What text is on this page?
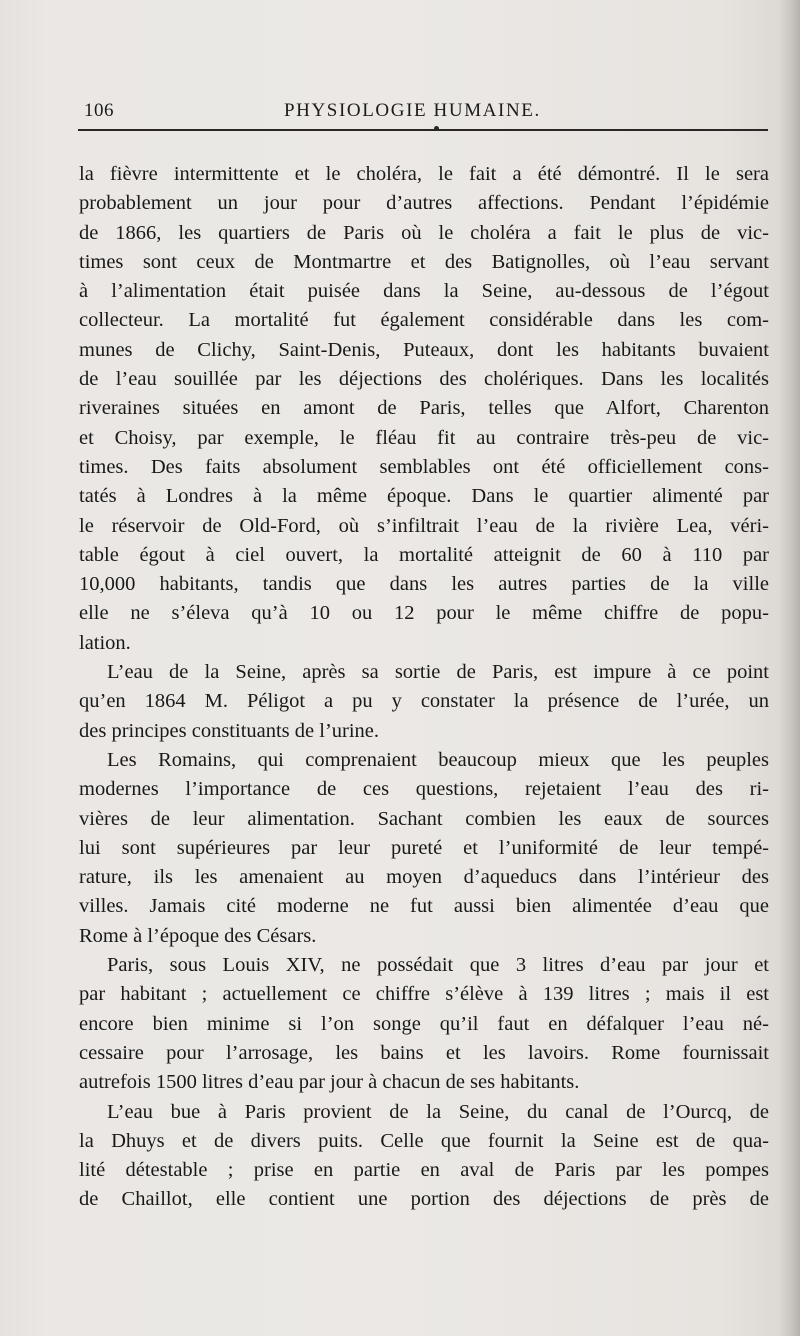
106	PHYSIOLOGIE HUMAINE.
la fièvre intermittente et le choléra, le fait a été démontré. Il le sera
probablement un jour pour d’autres affections. Pendant l’épidémie
de 1866, les quartiers de Paris où le choléra a fait le plus de vic-
times sont ceux de Montmartre et des Batignolles, où l’eau servant
à l’alimentation était puisée dans la Seine, au-dessous de l’égout
collecteur. La mortalité fut également considérable dans les com-
munes de Clichy, Saint-Denis, Puteaux, dont les habitants buvaient
de l’eau souillée par les déjections des cholériques. Dans les localités
riveraines situées en amont de Paris, telles que Alfort, Charenton
et Choisy, par exemple, le fléau fit au contraire très-peu de vic-
times. Des faits absolument semblables ont été officiellement cons-
tatés à Londres à la même époque. Dans le quartier alimenté par
le réservoir de Old-Ford, où s’infiltrait l’eau de la rivière Lea, véri-
table égout à ciel ouvert, la mortalité atteignit de 60 à 110 par
10,000 habitants, tandis que dans les autres parties de la ville
elle ne s’éleva qu’à 10 ou 12 pour le même chiffre de popu-
lation.
L’eau de la Seine, après sa sortie de Paris, est impure à ce point
qu’en 1864 M. Péligot a pu y constater la présence de l’urée, un
des principes constituants de l’urine.
Les Romains, qui comprenaient beaucoup mieux que les peuples
modernes l’importance de ces questions, rejetaient l’eau des ri-
vières de leur alimentation. Sachant combien les eaux de sources
lui sont supérieures par leur pureté et l’uniformité de leur tempé-
rature, ils les amenaient au moyen d’aqueducs dans l’intérieur des
villes. Jamais cité moderne ne fut aussi bien alimentée d’eau que
Rome à l’époque des Césars.
Paris, sous Louis XIV, ne possédait que 3 litres d’eau par jour et
par habitant ; actuellement ce chiffre s’élève à 139 litres ; mais il est
encore bien minime si l’on songe qu’il faut en défalquer l’eau né-
cessaire pour l’arrosage, les bains et les lavoirs. Rome fournissait
autrefois 1500 litres d’eau par jour à chacun de ses habitants.
L’eau bue à Paris provient de la Seine, du canal de l’Ourcq, de
la Dhuys et de divers puits. Celle que fournit la Seine est de qua-
lité détestable ; prise en partie en aval de Paris par les pompes
de Chaillot, elle contient une portion des déjections de près de
